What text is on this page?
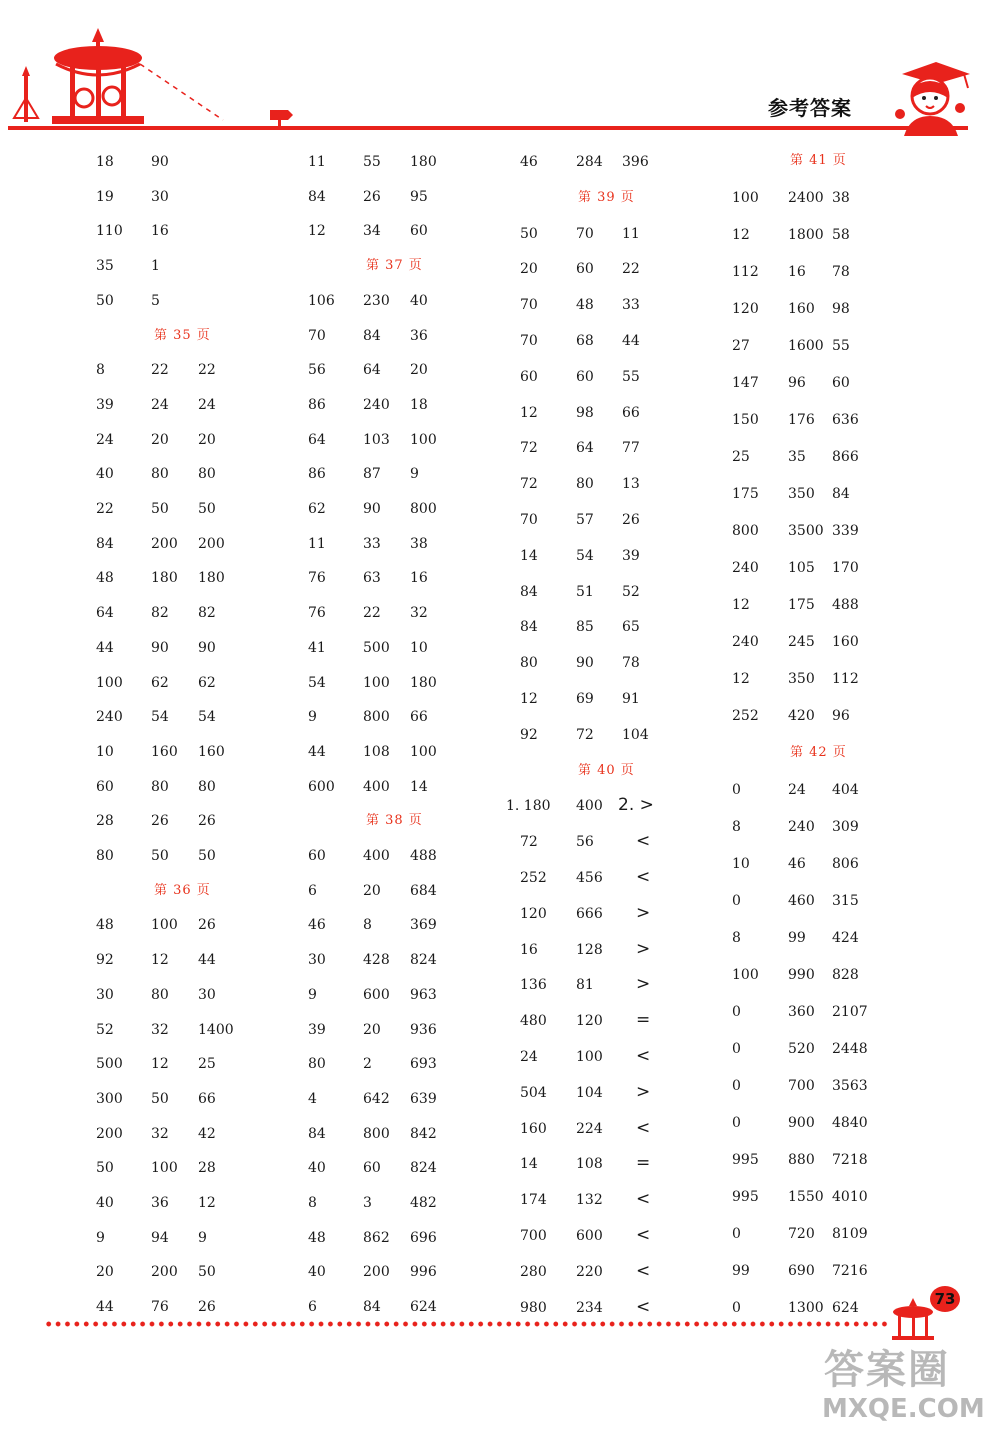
参考答案
18	90
19	30
110 16
35	1
50	5
第 35 页
8	22 22
39	24 24
24	20 20
40	80 80
22	50 50
84	200 200
48	180 180
64	82 82
44	90 90
100 62 62
240 54 54
10	160 160
60	80 80
28	26 26
80	50 50
第 36 页
48	100 26
92	12 44
30	80 30
52	32 1400
500 12 25
300 50 66
200 32 42
50	100 28
40	36 12
9	94 9
20	200 50
44	76 26
11	55 180
84	26 95
12	34 60
第 37 页
106 230 40
70	84 36
56	64 20
86	240 18
64	103 100
86	87 9
62	90 800
11	33 38
76	63 16
76	22 32
41	500 10
54	100 180
9	800 66
44	108 100
600 400 14
第 38 页
60	400 488
6	20 684
46	8	369
30	428 824
9	600 963
39	20 936
80	2	693
4	642 639
84	800 842
40	60 824
8	3	482
48	862 696
40	200 996
6	84 624
46	284 396
第 39 页
50	70 11
20	60 22
70	48 33
70	68 44
60	60 55
12	98 66
72	64 77
72	80 13
70	57 26
14	54 39
84	51 52
84	85 65
80	90 78
12	69 91
92	72 104
第 40 页
1. 180 400 2. >
72	56 <
252 456 <
120 666 >
16	128 >
136 81 >
480 120 =
24	100 <
504 104 >
160 224 <
14	108 =
174 132 <
700 600 <
280 220 <
980 234 <
第 41 页
100 2400 38
12	1800 58
112 16 78
120 160 98
27	1600 55
147 96 60
150 176 636
25	35 866
175 350 84
800 3500 339
240 105 170
12	175 488
240 245 160
12	350 112
252 420 96
第 42 页
0	24 404
8	240 309
10	46 806
0	460 315
8	99 424
100 990 828
0	360 2107
0	520 2448
0	700 3563
0	900 4840
995 880 7218
995 1550 4010
0	720 8109
99	690 7216
0	1300 624	73
答案圈
MXQE.COM
